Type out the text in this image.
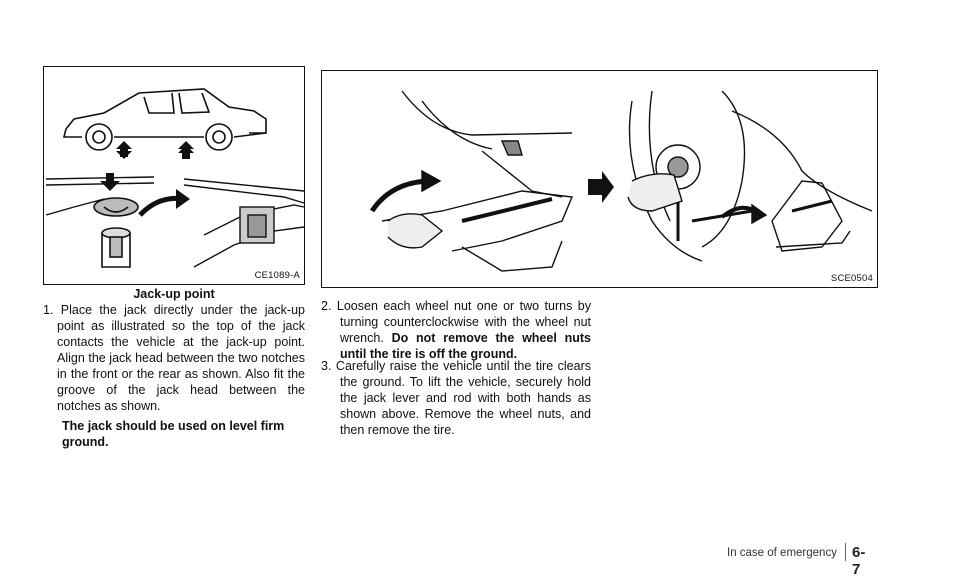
CE1089-A
Jack-up point
SCE0504
1. Place the jack directly under the jack-up point as illustrated so the top of the jack contacts the vehicle at the jack-up point. Align the jack head between the two notches in the front or the rear as shown. Also fit the groove of the jack head between the notches as shown.
The jack should be used on level firm ground.
2. Loosen each wheel nut one or two turns by turning counterclockwise with the wheel nut wrench. Do not remove the wheel nuts until the tire is off the ground.
3. Carefully raise the vehicle until the tire clears the ground. To lift the vehicle, securely hold the jack lever and rod with both hands as shown above. Remove the wheel nuts, and then remove the tire.
In case of emergency 6-7
